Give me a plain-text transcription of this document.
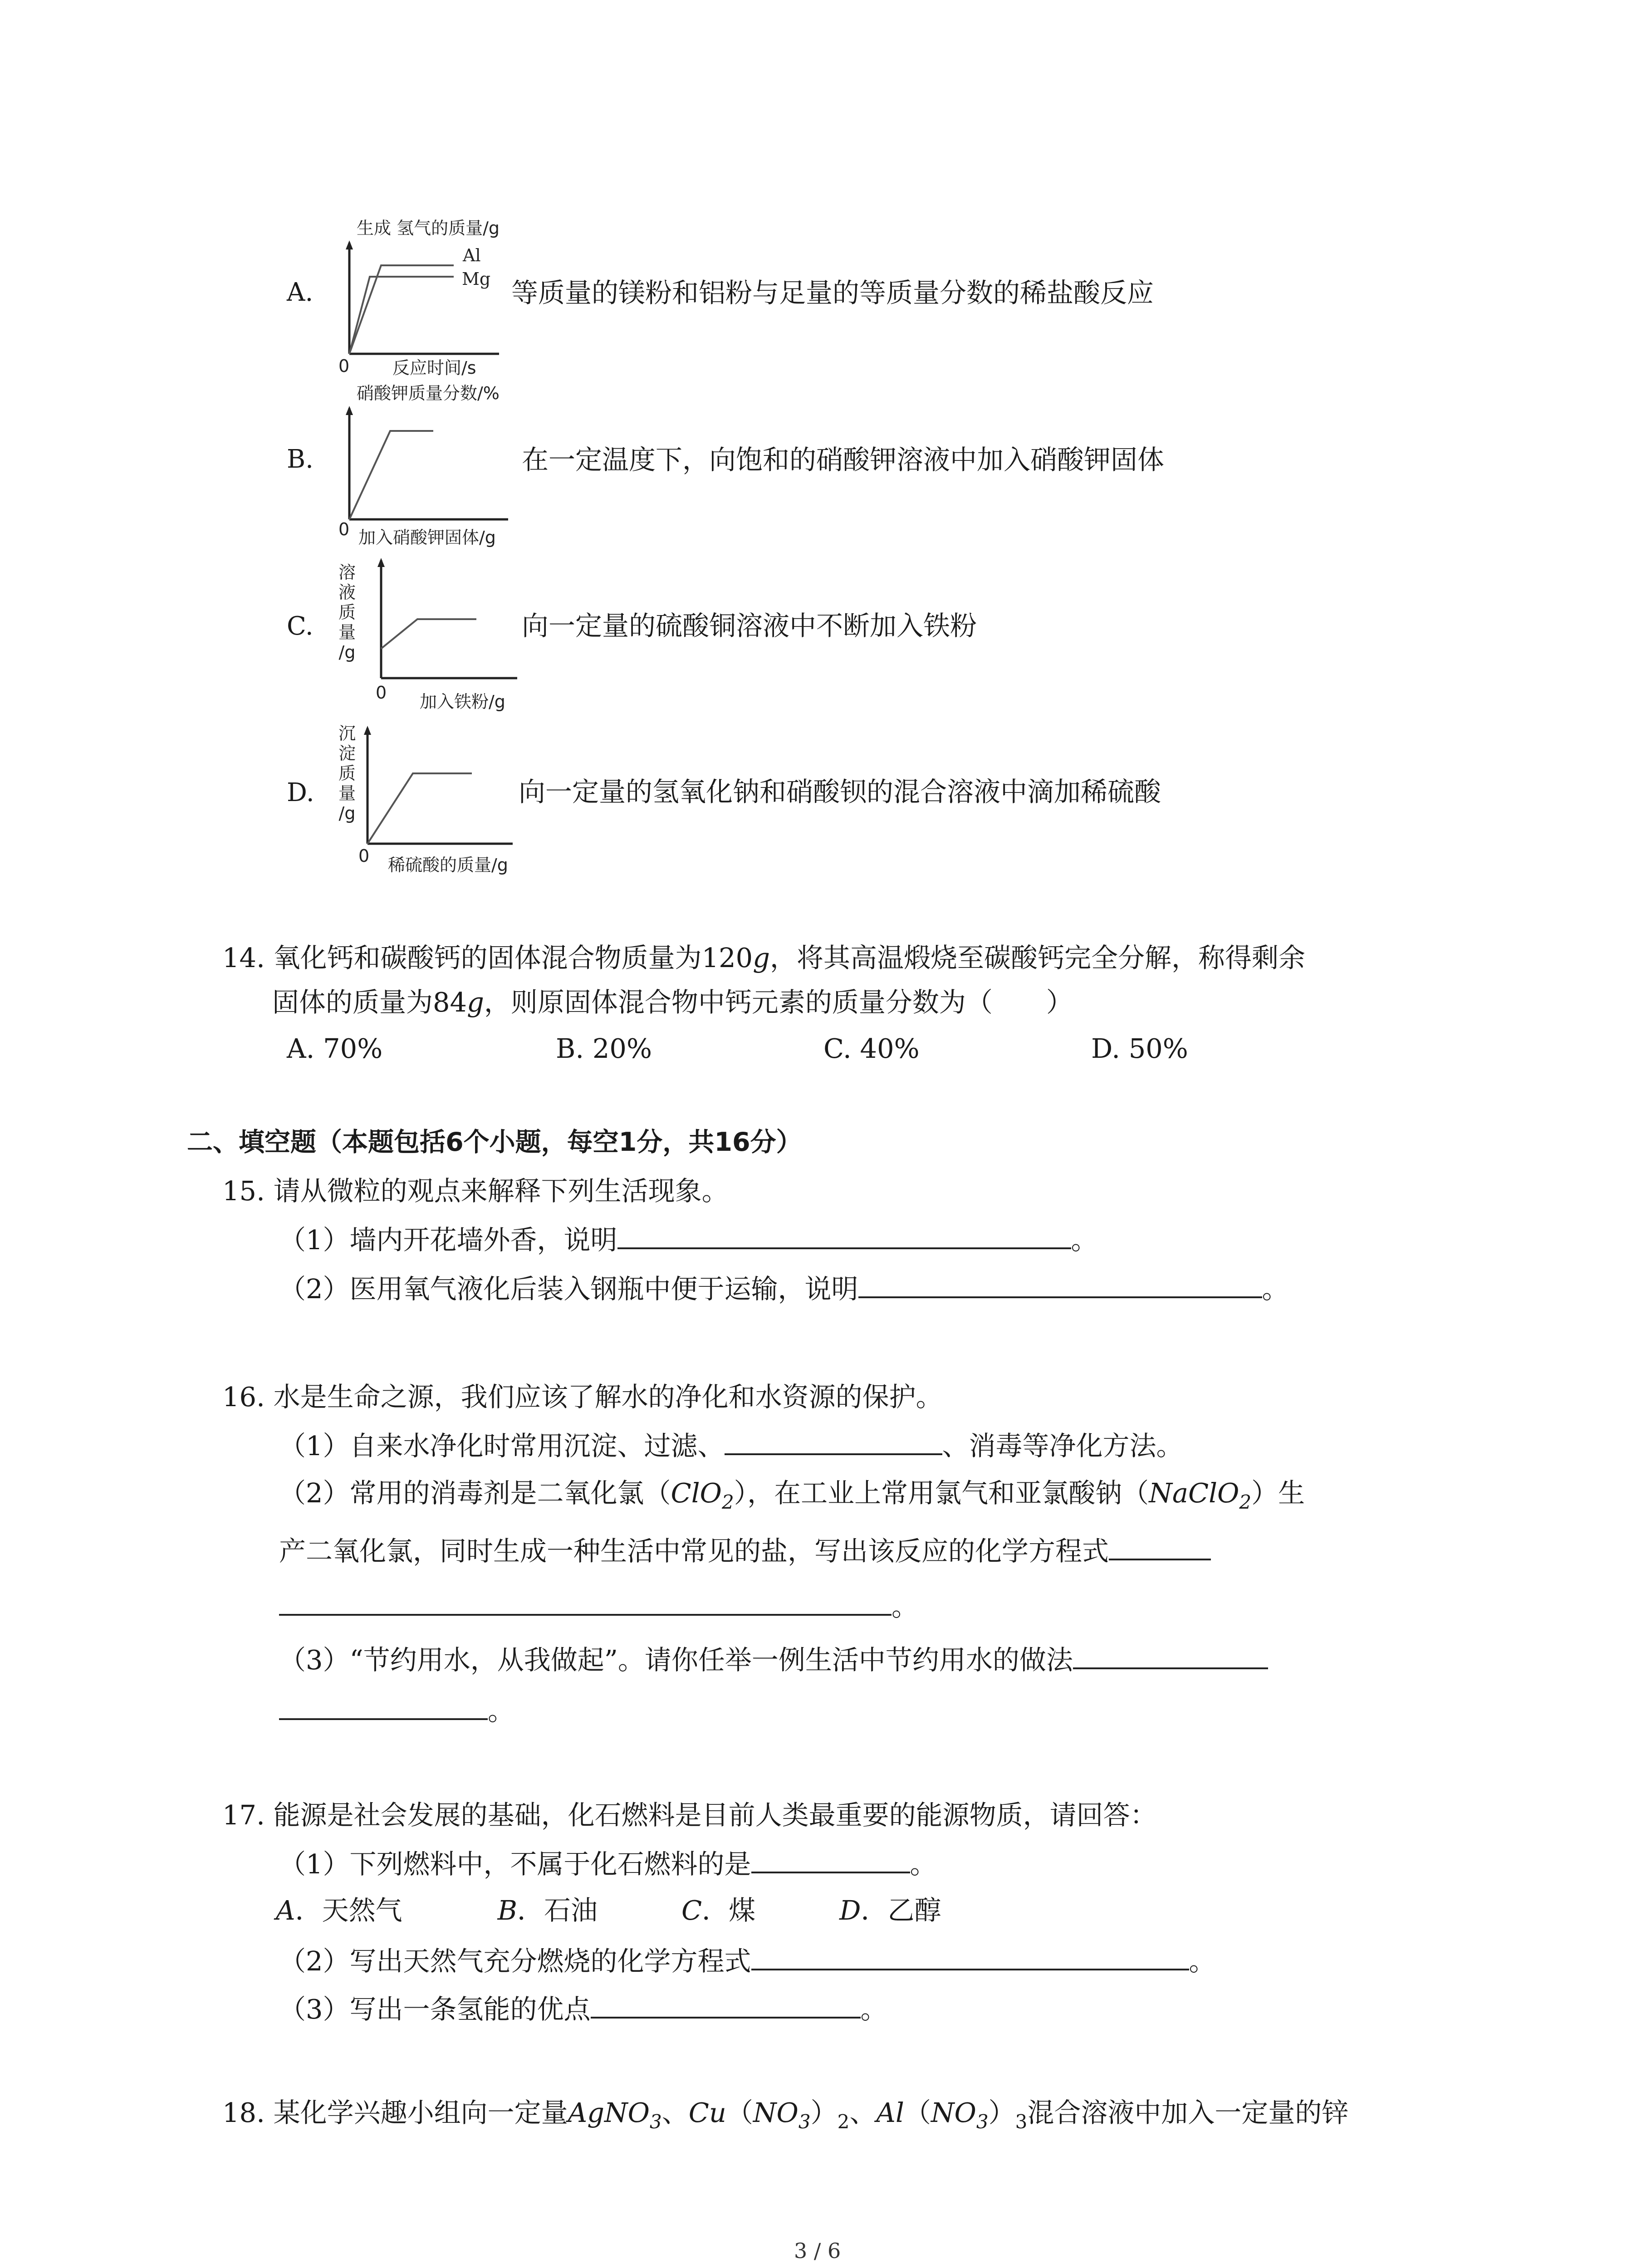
A.
生成 氢气的质量/g
Al
Mg
0 反应时间/s
等质量的镁粉和铝粉与足量的等质量分数的稀盐酸反应
B.
硝酸钾质量分数/%
0 加入硝酸钾固体/g
在一定温度下，向饱和的硝酸钾溶液中加入硝酸钾固体
C.
溶
液
质
量
/g
0 加入铁粉/g
向一定量的硫酸铜溶液中不断加入铁粉
D.
沉
淀
质
量
/g
0 稀硫酸的质量/g
向一定量的氢氧化钠和硝酸钡的混合溶液中滴加稀硫酸
14. 氧化钙和碳酸钙的固体混合物质量为120g，将其高温煅烧至碳酸钙完全分解，称得剩余
固体的质量为84g，则原固体混合物中钙元素的质量分数为（　　）
A. 70%	B. 20%	C. 40%	D. 50%
二、填空题（本题包括6个小题，每空1分，共16分）
15. 请从微粒的观点来解释下列生活现象。
（1）墙内开花墙外香，说明	。
（2）医用氧气液化后装入钢瓶中便于运输，说明	。
16. 水是生命之源，我们应该了解水的净化和水资源的保护。
（1）自来水净化时常用沉淀、过滤、	、消毒等净化方法。
（2）常用的消毒剂是二氧化氯（ClO$_2$），在工业上常用氯气和亚氯酸钠（NaClO$_2$）生
产二氧化氯，同时生成一种生活中常见的盐，写出该反应的化学方程式
。
（3）“节约用水，从我做起”。请你任举一例生活中节约用水的做法
。
17. 能源是社会发展的基础，化石燃料是目前人类最重要的能源物质，请回答：
（1）下列燃料中，不属于化石燃料的是	。
A．天然气	B．石油	C．煤	D．乙醇
（2）写出天然气充分燃烧的化学方程式	。
（3）写出一条氢能的优点	。
18. 某化学兴趣小组向一定量AgNO$_3$、$Cu(NO_3)_2$、$Al(NO_3)_3$混合溶液中加入一定量的锌
3 / 6
